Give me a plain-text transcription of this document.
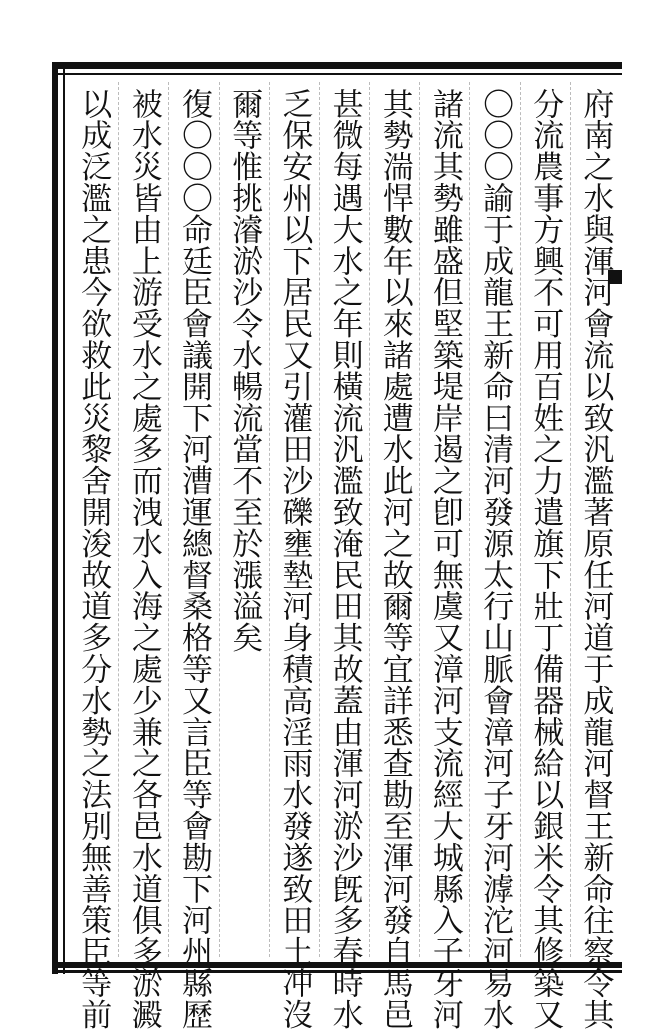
府南之水與渾河會流以致汎濫著原任河道于成龍河督王新命往察令其
分流農事方興不可用百姓之力遣旗下壯丁備器械給以銀米令其修築又
〇〇〇諭于成龍王新命曰清河發源太行山脈會漳河子牙河滹沱河易水
諸流其勢雖盛但堅築堤岸遏之卽可無虞又漳河支流經大城縣入子牙河
其勢湍悍數年以來諸處遭水此河之故爾等宜詳悉查勘至渾河發自馬邑
甚微每遇大水之年則橫流汎濫致淹民田其故蓋由渾河淤沙旣多春時水
乏保安州以下居民又引灌田沙礫壅墊河身積高淫雨水發遂致田土冲沒
爾等惟挑濬淤沙令水暢流當不至於漲溢矣
復〇〇〇命廷臣會議開下河漕運總督桑格等又言臣等會勘下河州縣歷
被水災皆由上游受水之處多而洩水入海之處少兼之各邑水道俱多淤澱
以成泛濫之患今欲救此災黎舍開浚故道多分水勢之法別無善策臣等前
